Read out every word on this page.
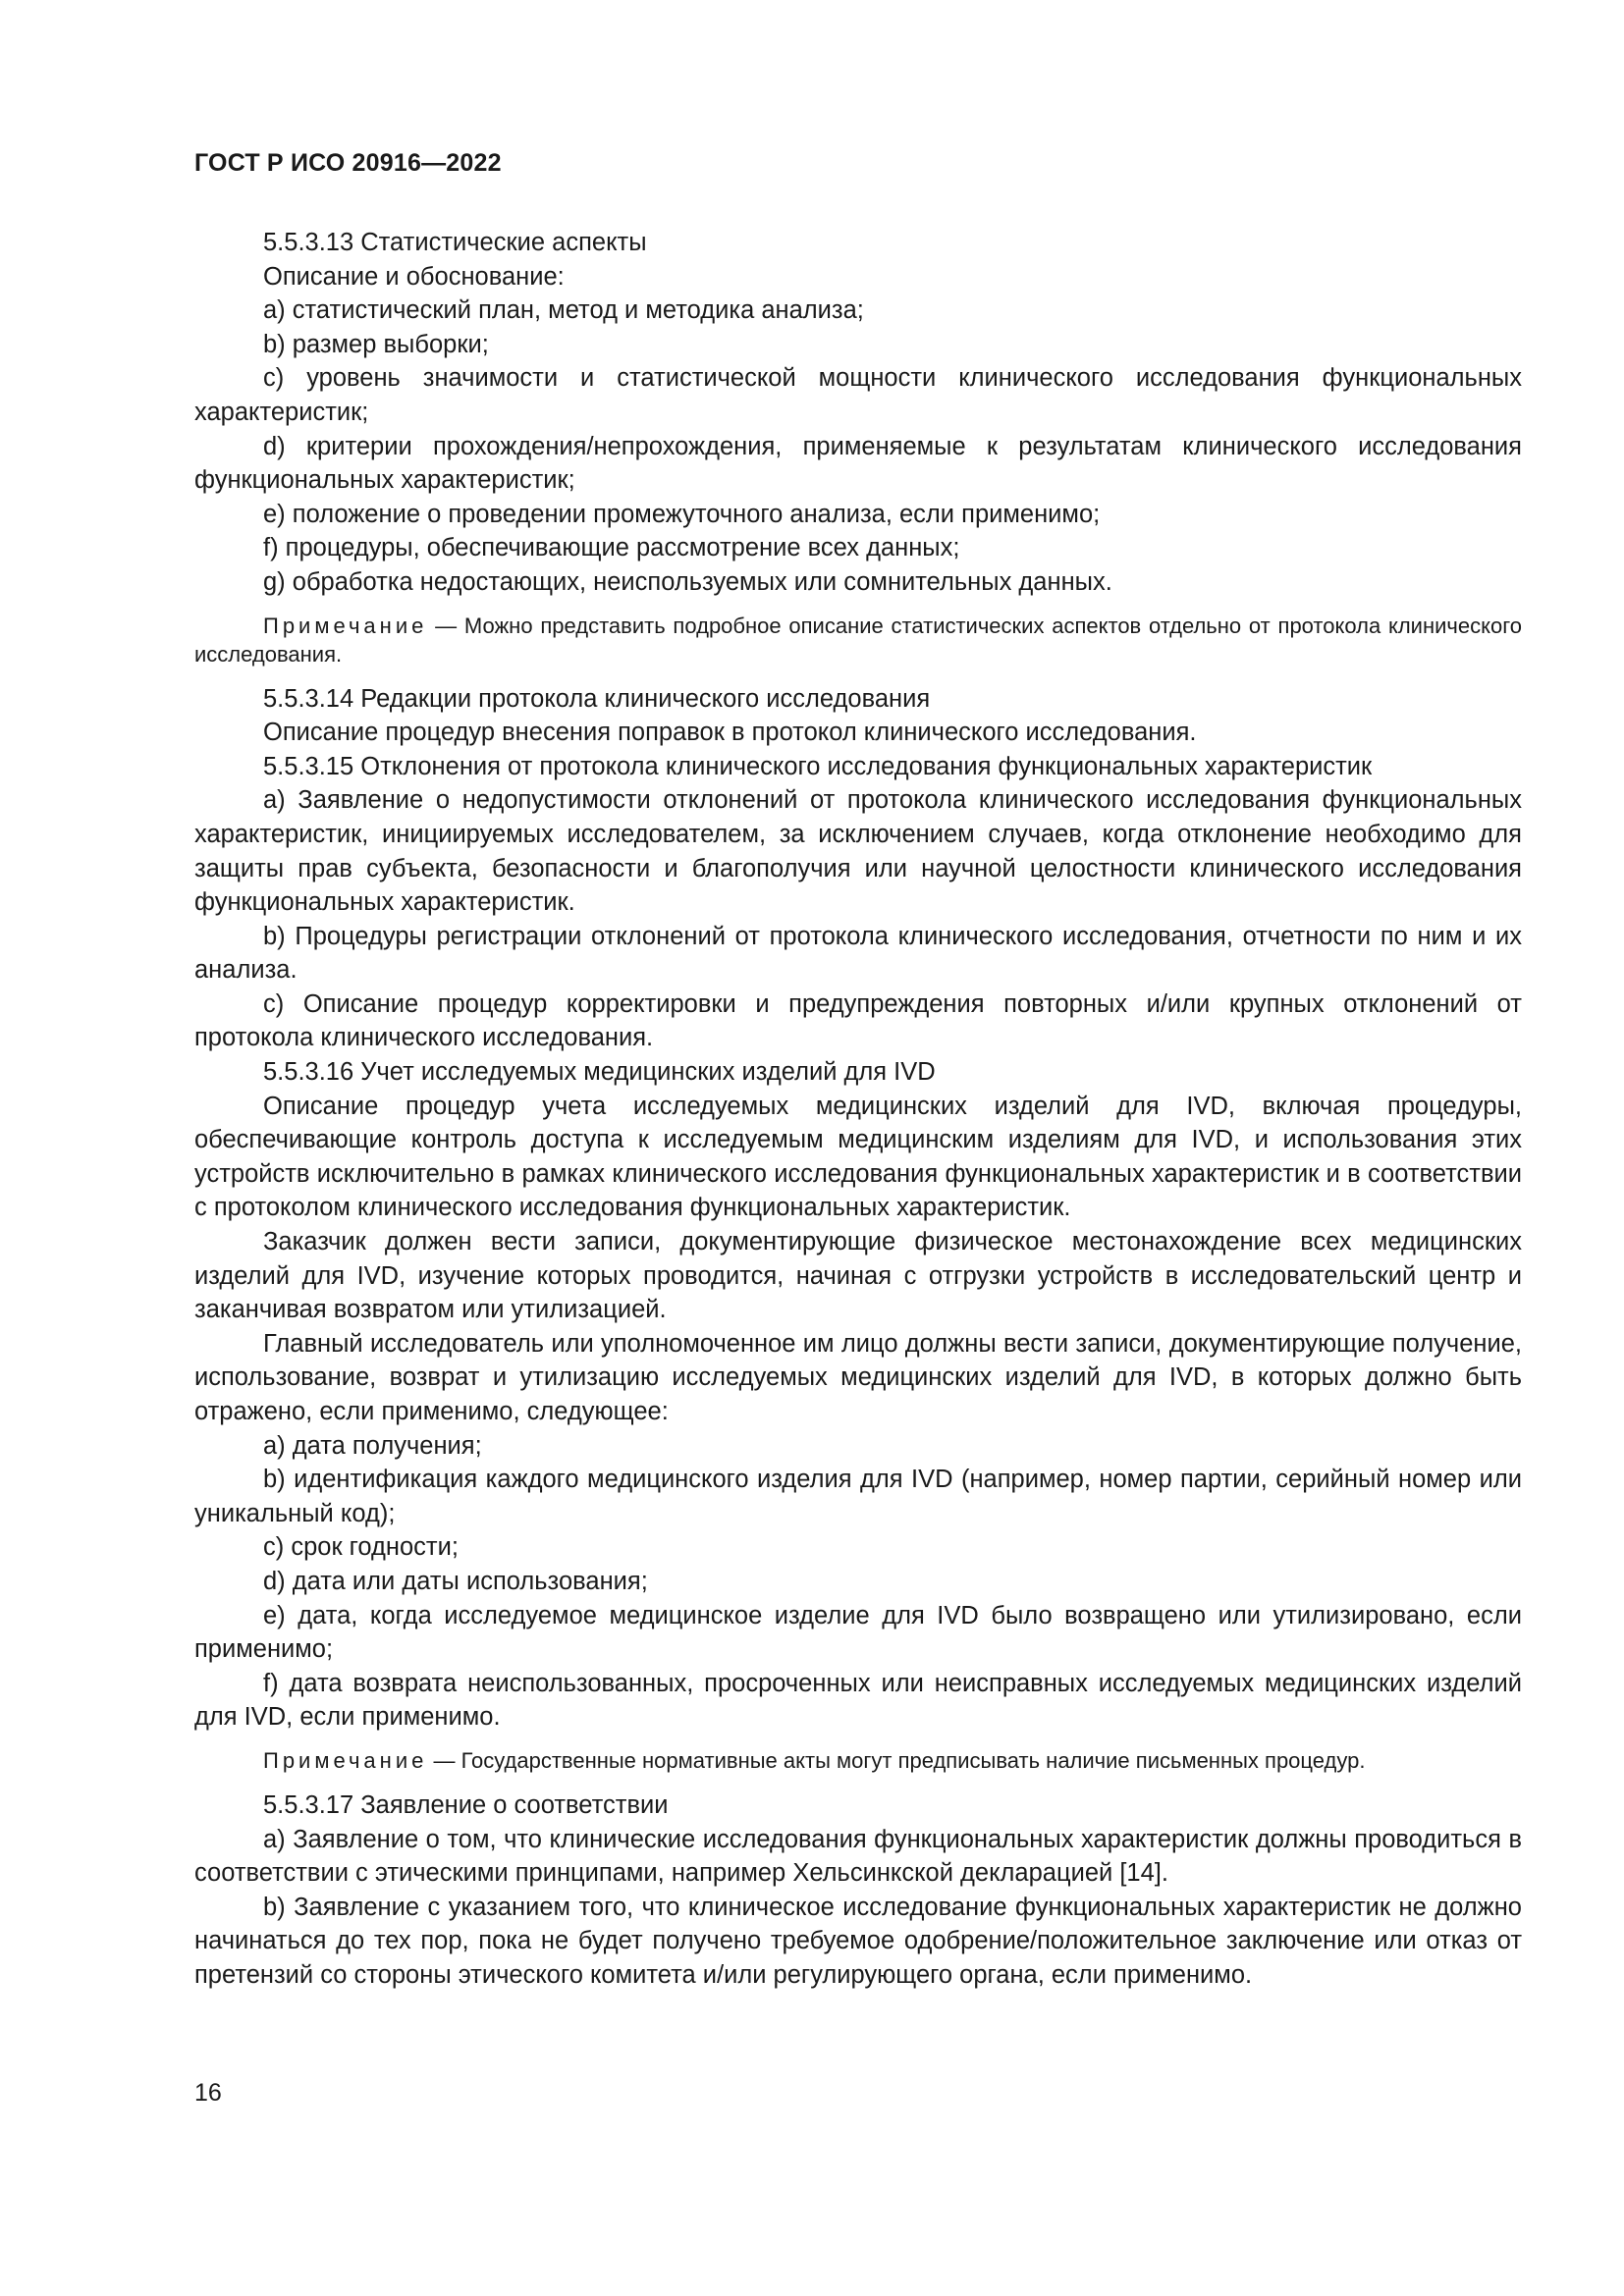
ГОСТ Р ИСО 20916—2022
5.5.3.13 Статистические аспекты
Описание и обоснование:
a) статистический план, метод и методика анализа;
b) размер выборки;
c) уровень значимости и статистической мощности клинического исследования функциональных характеристик;
d) критерии прохождения/непрохождения, применяемые к результатам клинического исследования функциональных характеристик;
e) положение о проведении промежуточного анализа, если применимо;
f) процедуры, обеспечивающие рассмотрение всех данных;
g) обработка недостающих, неиспользуемых или сомнительных данных.
Примечание — Можно представить подробное описание статистических аспектов отдельно от протокола клинического исследования.
5.5.3.14 Редакции протокола клинического исследования
Описание процедур внесения поправок в протокол клинического исследования.
5.5.3.15 Отклонения от протокола клинического исследования функциональных характеристик
a) Заявление о недопустимости отклонений от протокола клинического исследования функциональных характеристик, инициируемых исследователем, за исключением случаев, когда отклонение необходимо для защиты прав субъекта, безопасности и благополучия или научной целостности клинического исследования функциональных характеристик.
b) Процедуры регистрации отклонений от протокола клинического исследования, отчетности по ним и их анализа.
c) Описание процедур корректировки и предупреждения повторных и/или крупных отклонений от протокола клинического исследования.
5.5.3.16 Учет исследуемых медицинских изделий для IVD
Описание процедур учета исследуемых медицинских изделий для IVD, включая процедуры, обеспечивающие контроль доступа к исследуемым медицинским изделиям для IVD, и использования этих устройств исключительно в рамках клинического исследования функциональных характеристик и в соответствии с протоколом клинического исследования функциональных характеристик.
Заказчик должен вести записи, документирующие физическое местонахождение всех медицинских изделий для IVD, изучение которых проводится, начиная с отгрузки устройств в исследовательский центр и заканчивая возвратом или утилизацией.
Главный исследователь или уполномоченное им лицо должны вести записи, документирующие получение, использование, возврат и утилизацию исследуемых медицинских изделий для IVD, в которых должно быть отражено, если применимо, следующее:
a) дата получения;
b) идентификация каждого медицинского изделия для IVD (например, номер партии, серийный номер или уникальный код);
c) срок годности;
d) дата или даты использования;
e) дата, когда исследуемое медицинское изделие для IVD было возвращено или утилизировано, если применимо;
f) дата возврата неиспользованных, просроченных или неисправных исследуемых медицинских изделий для IVD, если применимо.
Примечание — Государственные нормативные акты могут предписывать наличие письменных процедур.
5.5.3.17 Заявление о соответствии
a) Заявление о том, что клинические исследования функциональных характеристик должны проводиться в соответствии с этическими принципами, например Хельсинкской декларацией [14].
b) Заявление с указанием того, что клиническое исследование функциональных характеристик не должно начинаться до тех пор, пока не будет получено требуемое одобрение/положительное заключение или отказ от претензий со стороны этического комитета и/или регулирующего органа, если применимо.
16
